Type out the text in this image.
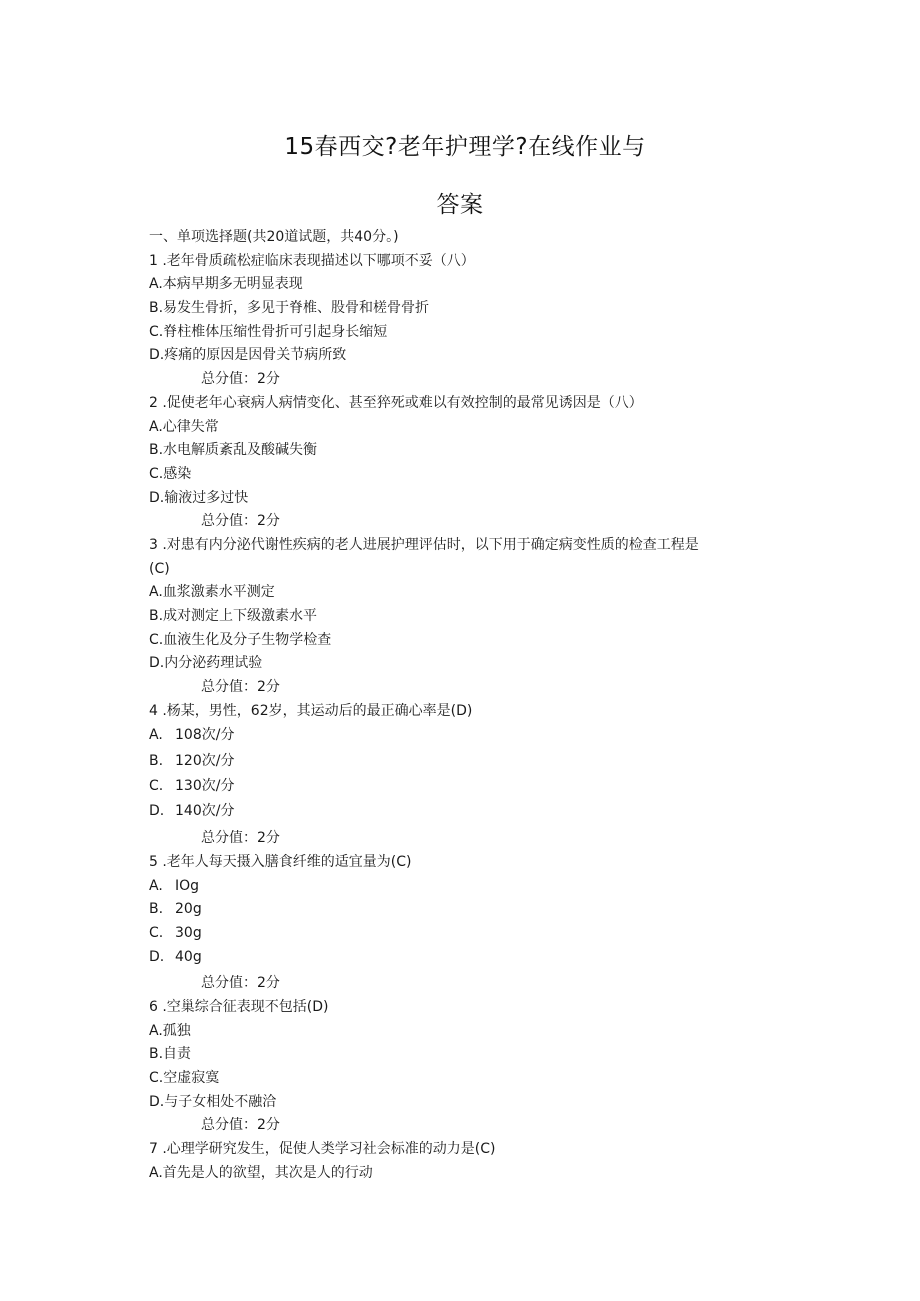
15春西交?老年护理学?在线作业与
答案
一、单项选择题(共20道试题，共40分。)
1 .老年骨质疏松症临床表现描述以下哪项不妥（八）
A.本病早期多无明显表现
B.易发生骨折，多见于脊椎、股骨和槎骨骨折
C.脊柱椎体压缩性骨折可引起身长缩短
D.疼痛的原因是因骨关节病所致
总分值：2分
2 .促使老年心衰病人病情变化、甚至猝死或难以有效控制的最常见诱因是（八）
A.心律失常
B.水电解质紊乱及酸碱失衡
C.感染
D.输液过多过快
总分值：2分
3 .对患有内分泌代谢性疾病的老人进展护理评估时，以下用于确定病变性质的检查工程是
(C)
A.血浆激素水平测定
B.成对测定上下级激素水平
C.血液生化及分子生物学检查
D.内分泌药理试验
总分值：2分
4 .杨某，男性，62岁，其运动后的最正确心率是(D)
A. 108次/分
B. 120次/分
C. 130次/分
D. 140次/分
总分值：2分
5 .老年人每天摄入膳食纤维的适宜量为(C)
A. IOg
B. 20g
C. 30g
D. 40g
总分值：2分
6 .空巢综合征表现不包括(D)
A.孤独
B.自责
C.空虚寂寞
D.与子女相处不融洽
总分值：2分
7 .心理学研究发生，促使人类学习社会标准的动力是(C)
A.首先是人的欲望，其次是人的行动
